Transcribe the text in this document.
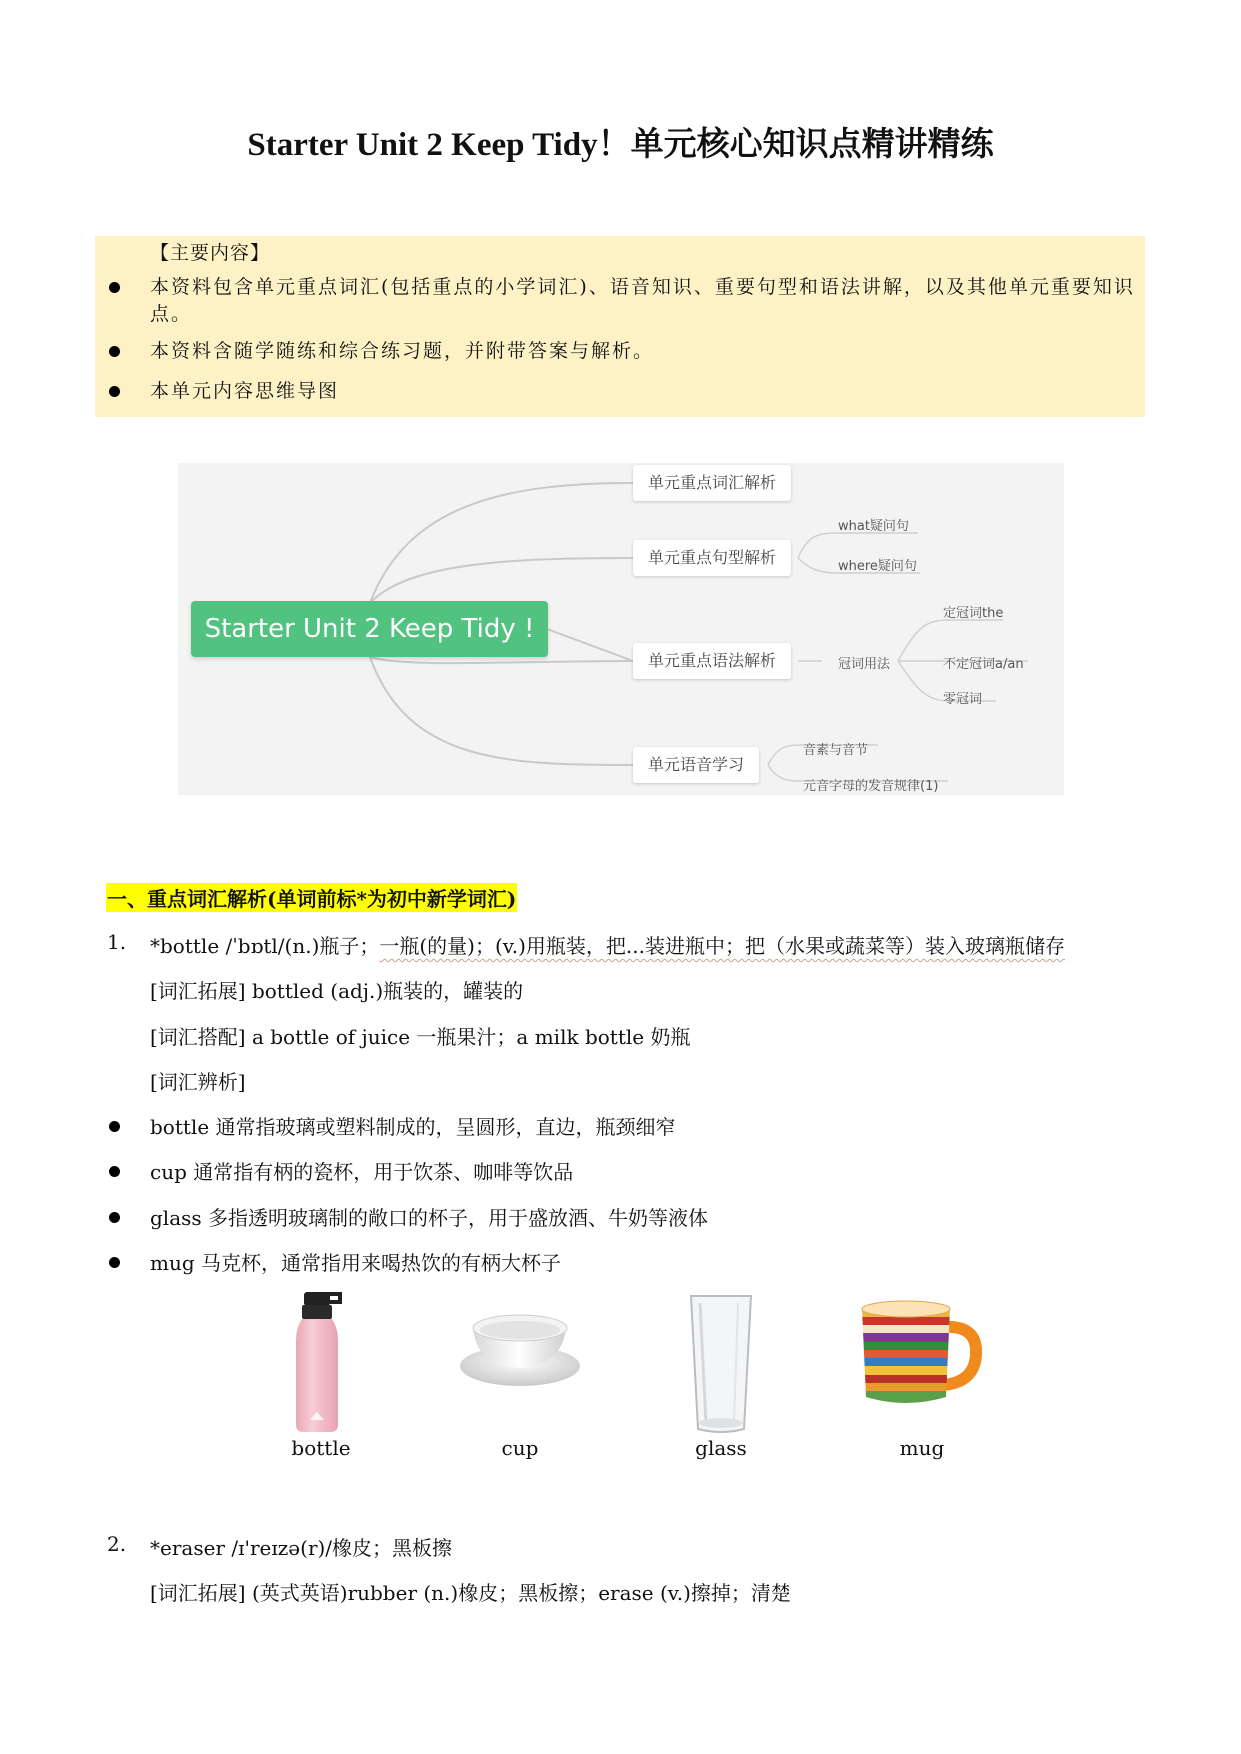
Starter Unit 2 Keep Tidy！单元核心知识点精讲精练
【主要内容】
本资料包含单元重点词汇(包括重点的小学词汇)、语音知识、重要句型和语法讲解，以及其他单元重要知识点。
本资料含随学随练和综合练习题，并附带答案与解析。
本单元内容思维导图
Starter Unit 2 Keep Tidy !
单元重点词汇解析
单元重点句型解析
单元重点语法解析
单元语音学习
what疑问句
where疑问句
冠词用法
定冠词the
不定冠词a/an
零冠词
音素与音节
元音字母的发音规律(1)
一、重点词汇解析(单词前标*为初中新学词汇)
1. *bottle /ˈbɒtl/(n.)瓶子；一瓶(的量)；(v.)用瓶装，把...装进瓶中；把（水果或蔬菜等）装入玻璃瓶储存
[词汇拓展] bottled (adj.)瓶装的，罐装的
[词汇搭配] a bottle of juice 一瓶果汁；a milk bottle 奶瓶
[词汇辨析]
bottle 通常指玻璃或塑料制成的，呈圆形，直边，瓶颈细窄
cup 通常指有柄的瓷杯，用于饮茶、咖啡等饮品
glass 多指透明玻璃制的敞口的杯子，用于盛放酒、牛奶等液体
mug 马克杯，通常指用来喝热饮的有柄大杯子
bottle	cup	glass	mug
2. *eraser /ɪ'reɪzə(r)/橡皮；黑板擦
[词汇拓展] (英式英语)rubber (n.)橡皮；黑板擦；erase (v.)擦掉；清楚
